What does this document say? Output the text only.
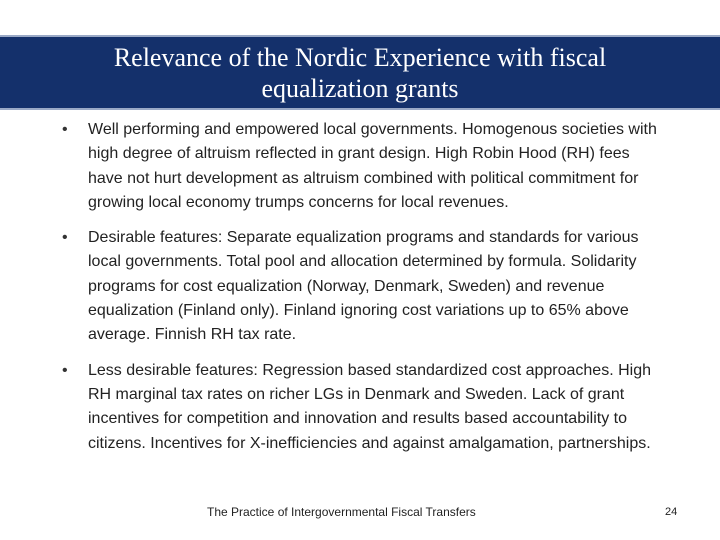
Relevance of the Nordic Experience with fiscal equalization grants
•	Well performing and empowered local governments. Homogenous societies with high degree of altruism reflected in grant design. High Robin Hood (RH) fees have not hurt development as altruism combined with political commitment for growing local economy trumps concerns for local revenues.
•	Desirable features: Separate equalization programs and standards for various local governments. Total pool and allocation determined by formula. Solidarity programs for cost equalization (Norway, Denmark, Sweden) and revenue equalization (Finland only). Finland ignoring cost variations up to 65% above average. Finnish RH tax rate.
•	Less desirable features: Regression based standardized cost approaches. High RH marginal tax rates on richer LGs in Denmark and Sweden. Lack of grant incentives for competition and innovation and results based accountability to citizens. Incentives for X-inefficiencies and against amalgamation, partnerships.
The Practice of Intergovernmental Fiscal Transfers	24
